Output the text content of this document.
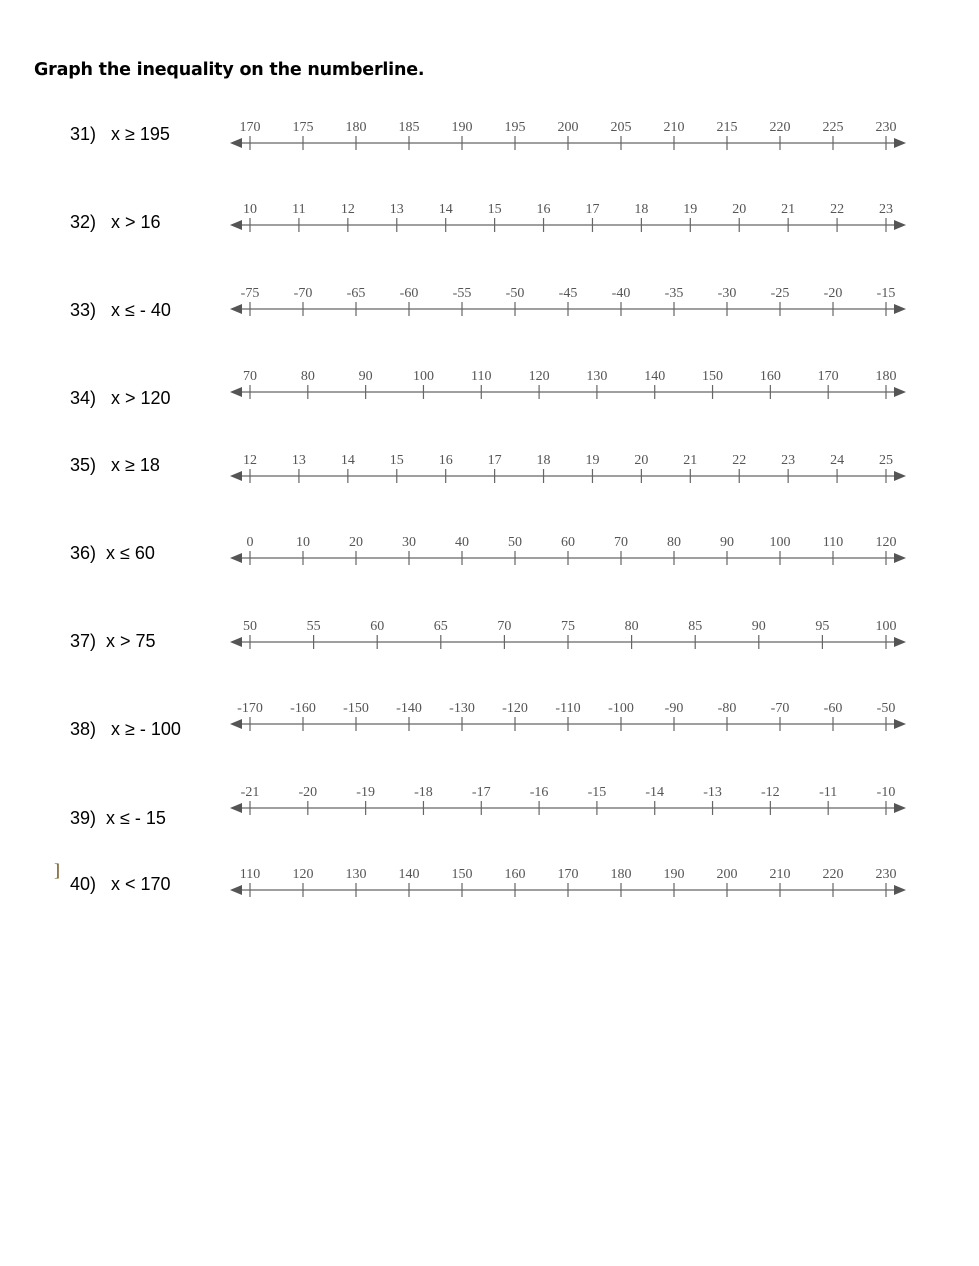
Graph the inequality on the numberline.
]
31)   x ≥ 195	170 175 180 185 190 195 200 205 210 215 220 225 230
32)   x > 16
10	11	12 13 14 15 16 17 18 19 20 21 22 23
33)   x ≤ - 40
-75 -70 -65 -60 -55 -50 -45 -40 -35 -30 -25 -20 -15
34)   x > 120
70	80	90	100	110	120	130	140	150	160	170	180
35)   x ≥ 18	12 13 14 15 16 17 18 19 20 21 22 23 24 25
36)  x ≤ 60
0	10	20	30	40	50	60	70	80	90	100 110 120
37)  x > 75
50	55	60	65	70	75	80	85	90	95	100
38)   x ≥ - 100
-170 -160 -150 -140 -130 -120 -110 -100 -90 -80 -70 -60 -50
39)  x ≤ - 15
-21	-20	-19	-18	-17	-16	-15	-14	-13	-12	-11	-10
40)   x < 170	110 120 130 140 150 160 170 180 190 200 210 220 230
